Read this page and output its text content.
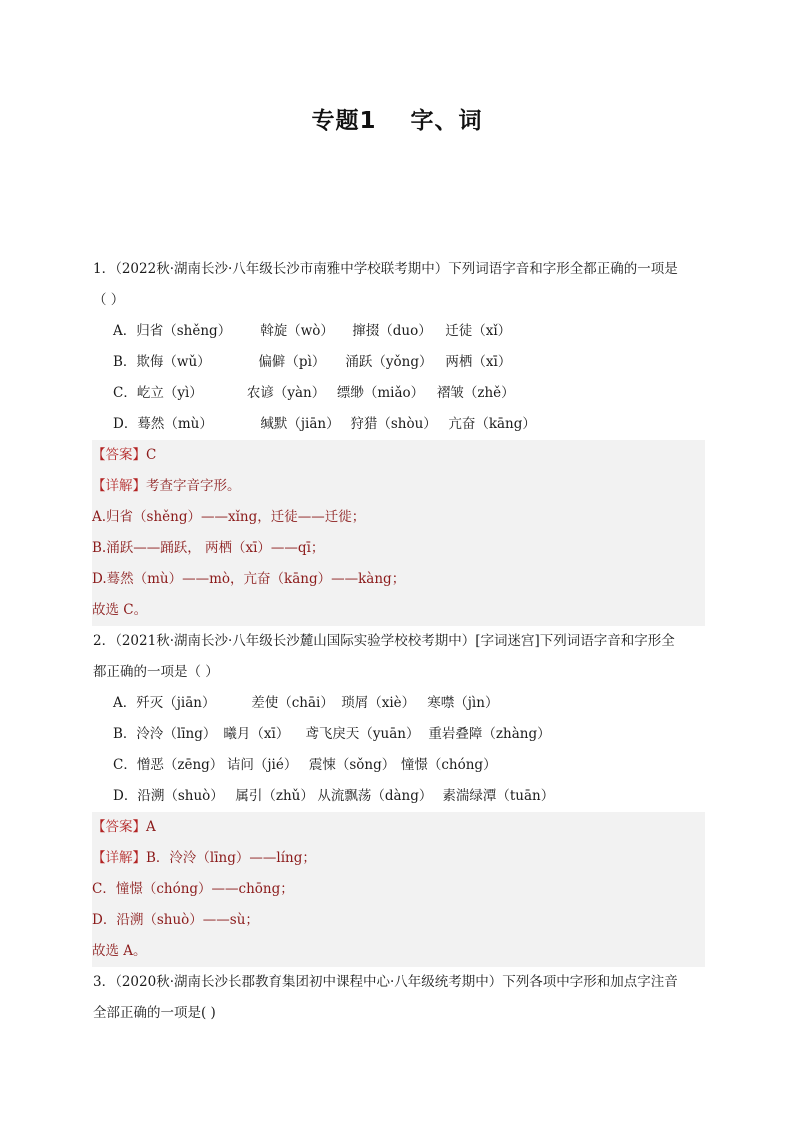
专题1 字、词
1．（2022秋·湖南长沙·八年级长沙市南雅中学校联考期中）下列词语字音和字形全都正确的一项是
（ ）
A．归省（shěng） 斡旋（wò） 撺掇（duo） 迁徒（xǐ）
B．欺侮（wǔ）	偏僻（pì） 涌跃（yǒng） 两栖（xī）
C．屹立（yì）	农谚（yàn） 缥缈（miǎo） 褶皱（zhě）
D．蓦然（mù）	缄默（jiān） 狩猎（shòu） 亢奋（kāng）
【答案】C
【详解】考查字音字形。
A.归省（shěng）——xǐng，迁徒——迁徙；
B.涌跃——踊跃， 两栖（xī）——qī；
D.蓦然（mù）——mò，亢奋（kāng）——kàng；
故选 C。
2．（2021秋·湖南长沙·八年级长沙麓山国际实验学校校考期中）[字词迷宫]下列词语字音和字形全
都正确的一项是（ ）
A．歼灭（jiān）	差使（chāi） 琐屑（xiè） 寒噤（jìn）
B．泠泠（līng） 曦月（xī） 鸢飞戾天（yuān） 重岩叠障（zhàng）
C．憎恶（zēng） 诘问（jié） 震悚（sǒng） 憧憬（chóng）
D．沿溯（shuò） 属引（zhǔ） 从流飘荡（dàng） 素湍绿潭（tuān）
【答案】A
【详解】B．泠泠（līng）——líng；
C．憧憬（chóng）——chōng；
D．沿溯（shuò）——sù；
故选 A。
3．（2020秋·湖南长沙长郡教育集团初中课程中心·八年级统考期中）下列各项中字形和加点字注音
全部正确的一项是( )
